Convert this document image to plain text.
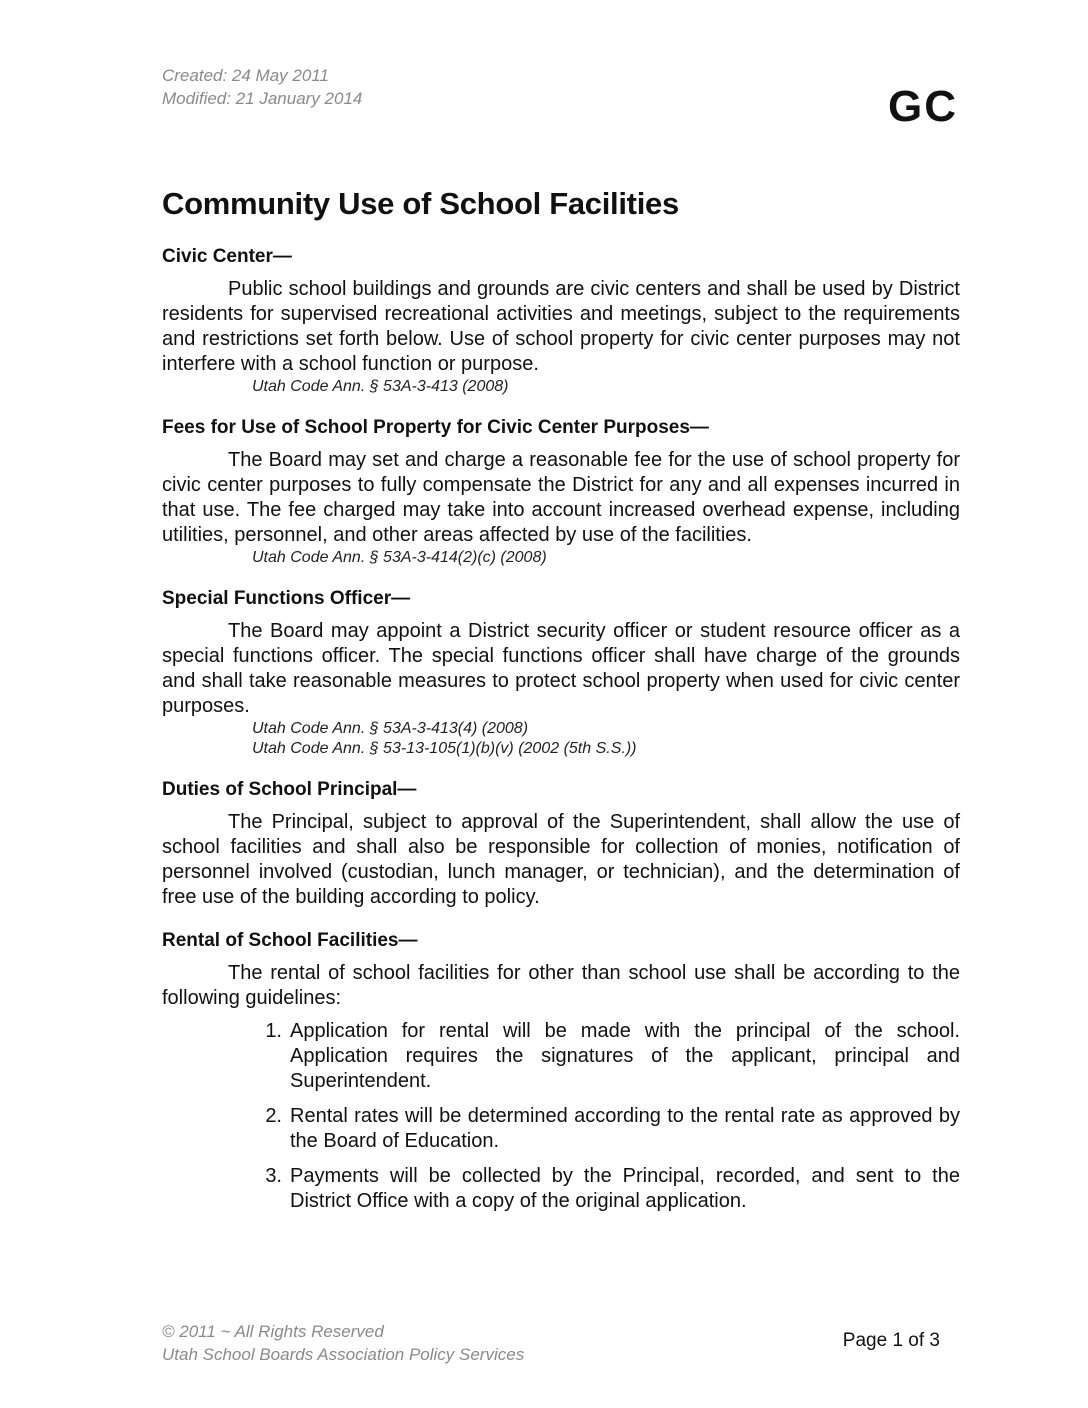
Created: 24 May 2011
Modified: 21 January 2014	GC
Community Use of School Facilities
Civic Center—

Public school buildings and grounds are civic centers and shall be used by District residents for supervised recreational activities and meetings, subject to the requirements and restrictions set forth below. Use of school property for civic center purposes may not interfere with a school function or purpose.

Utah Code Ann. § 53A-3-413 (2008)
Fees for Use of School Property for Civic Center Purposes—

The Board may set and charge a reasonable fee for the use of school property for civic center purposes to fully compensate the District for any and all expenses incurred in that use. The fee charged may take into account increased overhead expense, including utilities, personnel, and other areas affected by use of the facilities.

Utah Code Ann. § 53A-3-414(2)(c) (2008)
Special Functions Officer—

The Board may appoint a District security officer or student resource officer as a special functions officer. The special functions officer shall have charge of the grounds and shall take reasonable measures to protect school property when used for civic center purposes.

Utah Code Ann. § 53A-3-413(4) (2008)
Utah Code Ann. § 53-13-105(1)(b)(v) (2002 (5th S.S.))
Duties of School Principal—

The Principal, subject to approval of the Superintendent, shall allow the use of school facilities and shall also be responsible for collection of monies, notification of personnel involved (custodian, lunch manager, or technician), and the determination of free use of the building according to policy.

Rental of School Facilities—

The rental of school facilities for other than school use shall be according to the following guidelines:

1. Application for rental will be made with the principal of the school. Application requires the signatures of the applicant, principal and Superintendent.
2. Rental rates will be determined according to the rental rate as approved by the Board of Education.
3. Payments will be collected by the Principal, recorded, and sent to the District Office with a copy of the original application.
© 2011 ~ All Rights Reserved
Utah School Boards Association Policy Services
Page 1 of 3
